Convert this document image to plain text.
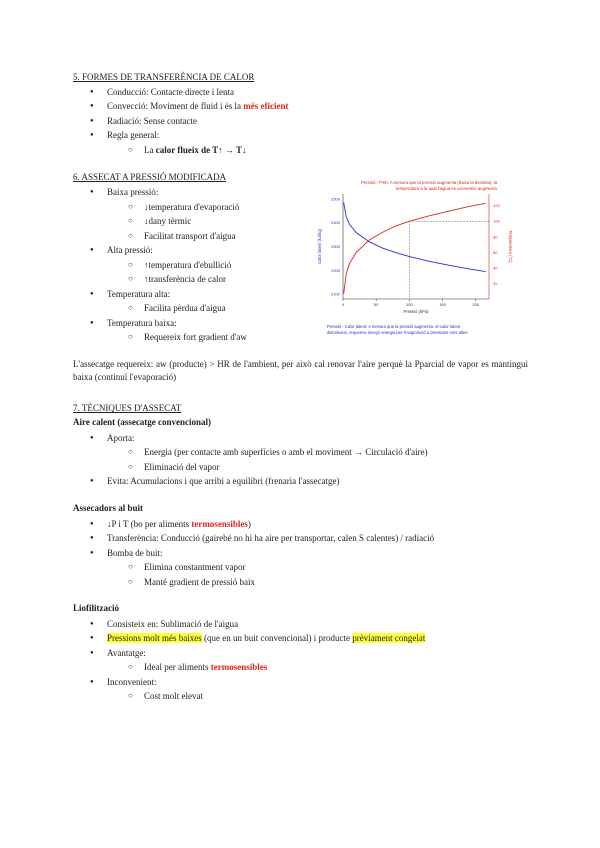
5. FORMES DE TRANSFERÈNCIA DE CALOR
● Conducció: Contacte directe i lenta
● Convecció: Moviment de fluid i és la més eficient
● Radiació: Sense contacte
● Regla general:
○ La calor flueix de T↑ → T↓
6. ASSECAT A PRESSIÓ MODIFICADA
● Baixa pressió:
○ ↓temperatura d'evaporació
○ ↓dany tèrmic
○ Facilitat transport d'aigua
● Alta pressió:
○ ↑temperatura d'ebullició
○ ↑transferència de calor
● Temperatura alta:
○ Facilita pèrdua d'aigua
● Temperatura baixa:
○ Requereix fort gradient d'aw
L'assecatge requereix: aw (producte) > HR de l'ambient, per això cal renovar l'aire perquè la Pparcial de vapor es mantingui baixa (continuï l'evaporació)
Pressió ↑Tªeb: A mesura que la pressió augmenta (baixa la densitat), la
temperatura a la qual l'aigua es converteix augmenta
0	50	100	150	200
Pressió (kPa)
2500
2400
2300
2200
2100
Calor latent (kJ/kg)
120
100
80
60
40
20
Temperatura (°C)
Pressió - Calor latent: A mesura que la pressió augmenta, el calor latent
disminueix, requereix menys energia per l'evaporació a pressions més altes
7. TÈCNIQUES D'ASSECAT
Aire calent (assecatge convencional)
● Aporta:
○ Energia (per contacte amb superfícies o amb el moviment → Circulació d'aire)
○ Eliminació del vapor
● Evita: Acumulacions i que arribi a equilibri (frenaria l'assecatge)
Assecadors al buit
● ↓P i T (bo per aliments termosensibles)
● Transferència: Conducció (gairebé no hi ha aire per transportar, calen S calentes) / radiació
● Bomba de buit:
○ Elimina constantment vapor
○ Manté gradient de pressió baix
Liofilització
● Consisteix en: Sublimació de l'aigua
● Pressions molt més baixes (que en un buit convencional) i producte prèviament congelat
● Avantatge:
○ Ideal per aliments termosensibles
● Inconvenient:
○ Cost molt elevat
